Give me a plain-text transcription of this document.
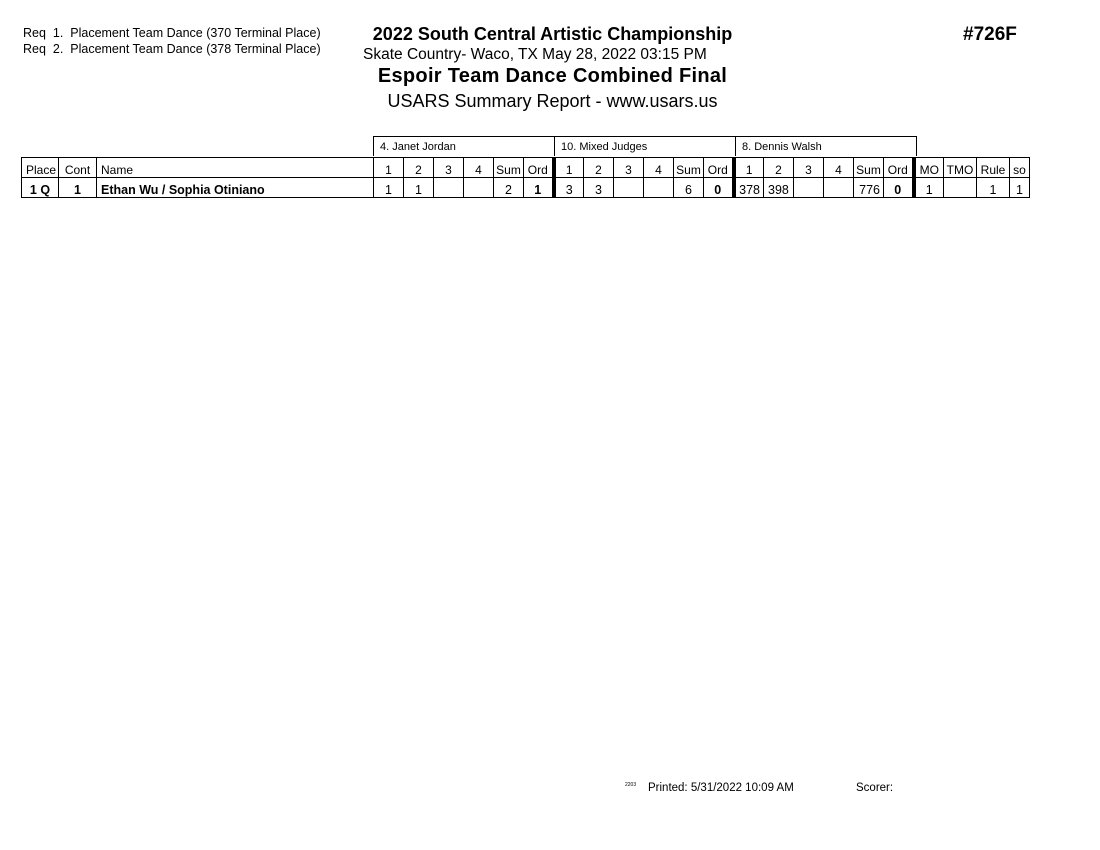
Req  1.  Placement Team Dance (370 Terminal Place)
Req  2.  Placement Team Dance (378 Terminal Place)
2022 South Central Artistic Championship
Skate Country- Waco, TX May 28, 2022 03:15 PM
Espoir Team Dance Combined Final
USARS Summary Report - www.usars.us
#726F
4. Janet Jordan	10. Mixed Judges	8. Dennis Walsh
Place	Cont	Name	1	2	3	4	Sum	Ord	1	2	3	4	Sum	Ord	1	2	3	4	Sum	Ord	MO	TMO	Rule	so
1 Q	1	Ethan Wu / Sophia Otiniano	1	1			2	1	3	3			6	0	378	398			776	0	1		1	1
2203 Printed: 5/31/2022 10:09 AM	Scorer:
